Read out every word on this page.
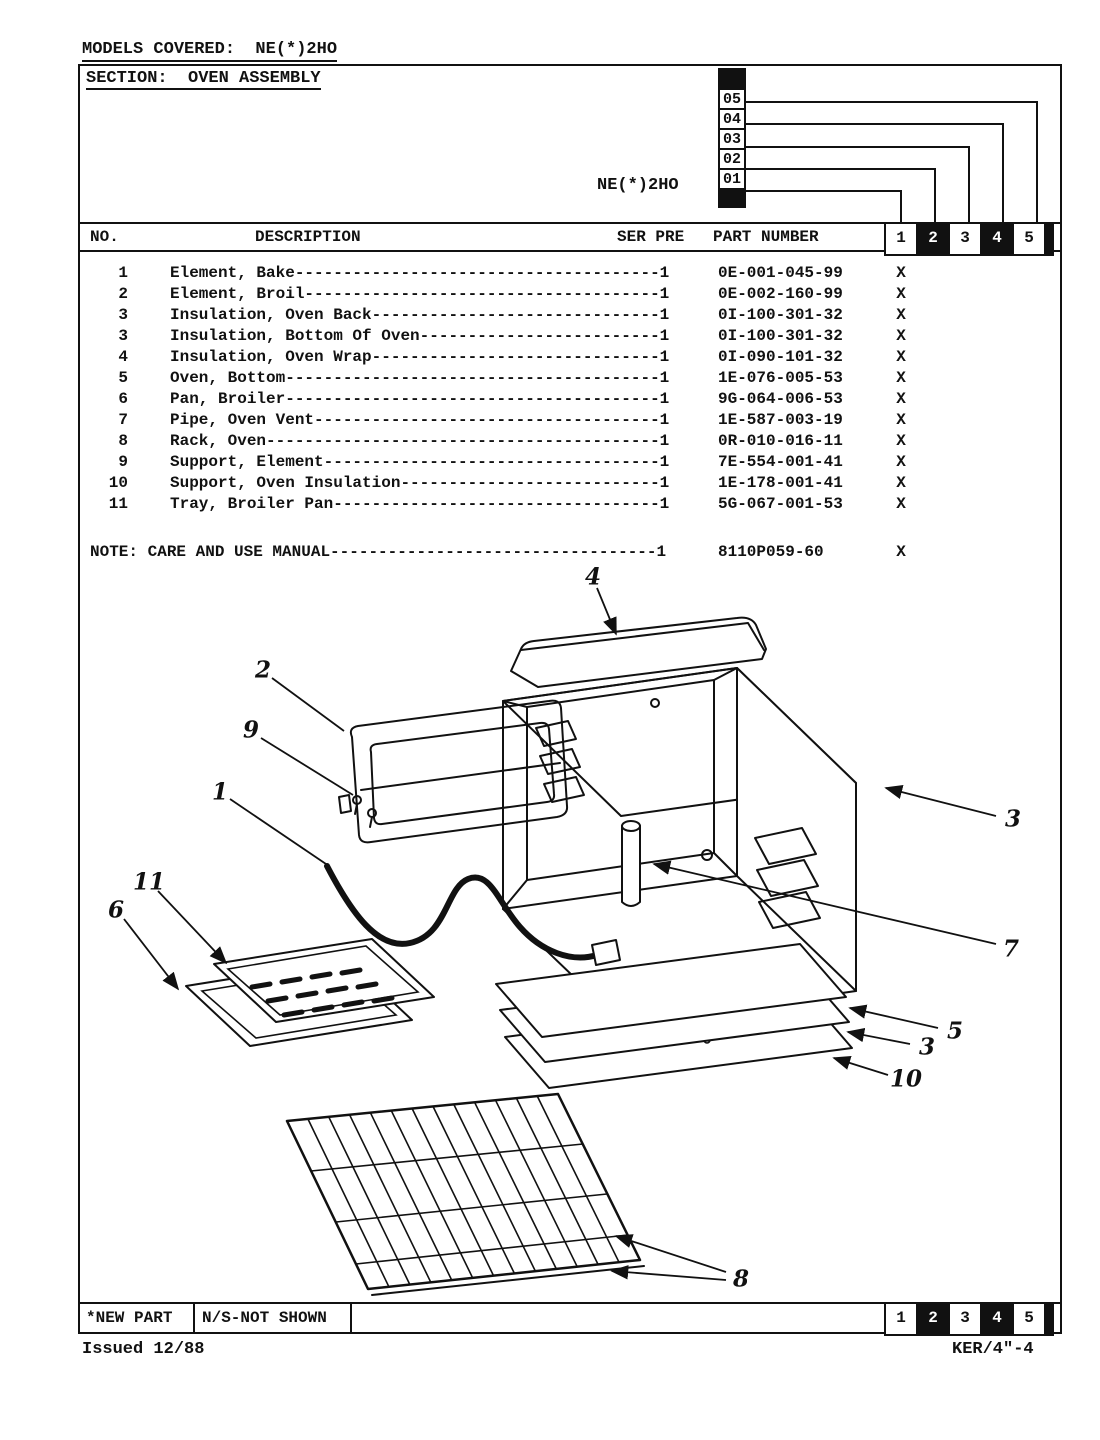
MODELS COVERED:  NE(*)2HO
SECTION:  OVEN ASSEMBLY
NE(*)2HO
05
04
03
02
01
NO.	DESCRIPTION	SER PRE PART NUMBER	1	2	3	4	5
1	Element, Bake--------------------------------------1	0E-001-045-99	X
2	Element, Broil-------------------------------------1	0E-002-160-99	X
3	Insulation, Oven Back------------------------------1	0I-100-301-32	X
3	Insulation, Bottom Of Oven-------------------------1	0I-100-301-32	X
4	Insulation, Oven Wrap------------------------------1	0I-090-101-32	X
5	Oven, Bottom---------------------------------------1	1E-076-005-53	X
6	Pan, Broiler---------------------------------------1	9G-064-006-53	X
7	Pipe, Oven Vent------------------------------------1	1E-587-003-19	X
8	Rack, Oven-----------------------------------------1	0R-010-016-11	X
9	Support, Element-----------------------------------1	7E-554-001-41	X
10	Support, Oven Insulation---------------------------1	1E-178-001-41	X
11	Tray, Broiler Pan----------------------------------1	5G-067-001-53	X
NOTE: CARE AND USE MANUAL----------------------------------1	8110P059-60	X
4
2
9
1
11
6
3
7
5
3
10
8
*NEW PART N/S-NOT SHOWN	1	2	3	4	5
Issued 12/88	KER/4"-4
